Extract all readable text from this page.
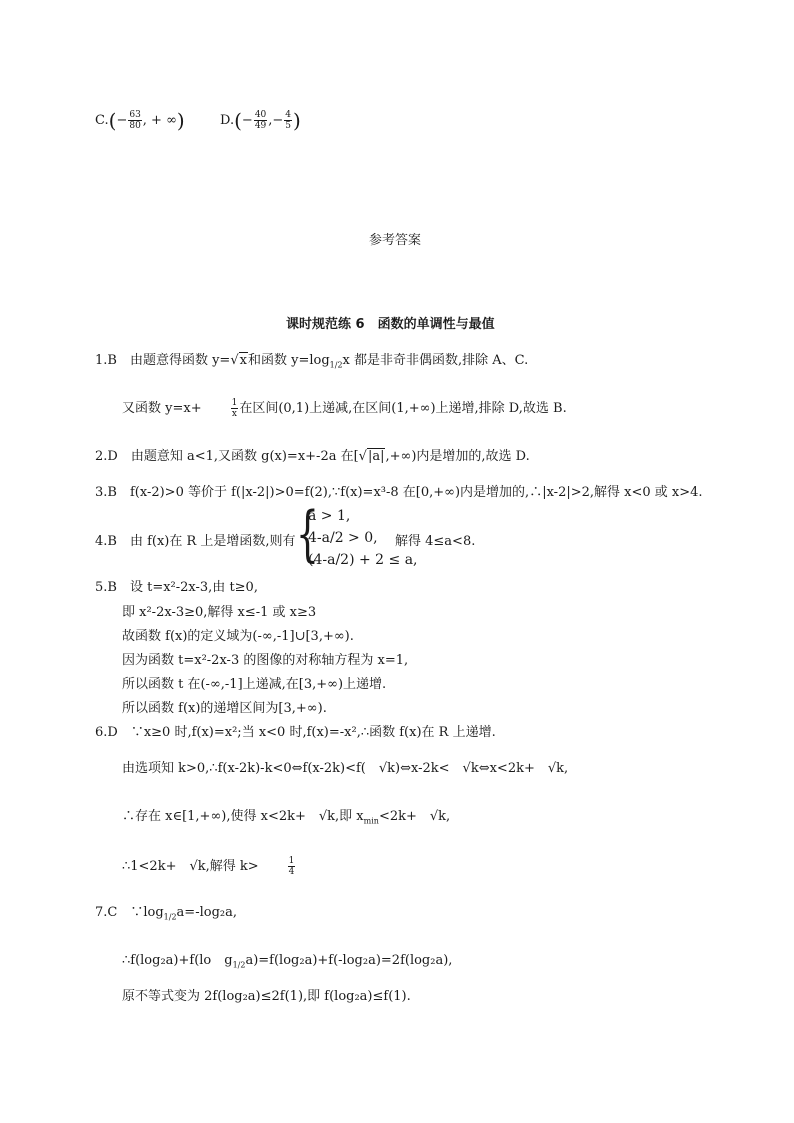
$C.(- \frac{63}{80}$ , + ∞)	$D.(- \frac{40}{49}$ ,− $\frac{4}{5}$ )
参考答案
课时规范练 6　函数的单调性与最值
1.B　由题意得函数 y=√x和函数 $y=\log_{1/2}x$ 都是非奇非偶函数,排除 A、C.
又函数 y=x+	$\frac{1}{x}$ 在区间(0,1)上递减,在区间(1,+∞)上递增,排除 D,故选 B.
2.D　由题意知 a<1,又函数 g(x)=x+-2a 在[√|a|,+∞)内是增加的,故选 D.
3.B　f(x-2)>0 等价于 f(|x-2|)>0=f(2),∵f(x)=x³-8 在[0,+∞)内是增加的,∴|x-2|>2,解得 x<0 或 x>4.
4.B　由 f(x)在 R 上是增函数,则有 {
a > 1,
4-a/2 > 0,
(4-a/2) + 2 ≤ a,
解得 4≤a<8.
5.B　设 t=x²-2x-3,由 t≥0,
即 x²-2x-3≥0,解得 x≤-1 或 x≥3
故函数 f(x)的定义域为(-∞,-1]∪[3,+∞).
因为函数 t=x²-2x-3 的图像的对称轴方程为 x=1,
所以函数 t 在(-∞,-1]上递减,在[3,+∞)上递增.
所以函数 f(x)的递增区间为[3,+∞).
6.D　∵x≥0 时,f(x)=x²;当 x<0 时,f(x)=-x²,∴函数 f(x)在 R 上递增.
由选项知 k>0,∴f(x-2k)-k<0⇔f(x-2k)<f(　√k)⇔x-2k<　√k⇔x<2k+　√k,
∴存在 x∈[1,+∞),使得 x<2k+　√k,即 $x_{min}<2k+$　√k,
∴1<2k+　√k,解得 k>	$\frac{1}{4}$
7.C　$\because\log_{1/2}a=$-log₂a,
∴f(log₂a)+f(lo　$g_{1/2}a)=f(\log_2a)+f(-\log_2a)=2f(\log_2a)$,
原不等式变为 2f(log₂a)≤2f(1),即 f(log₂a)≤f(1).
